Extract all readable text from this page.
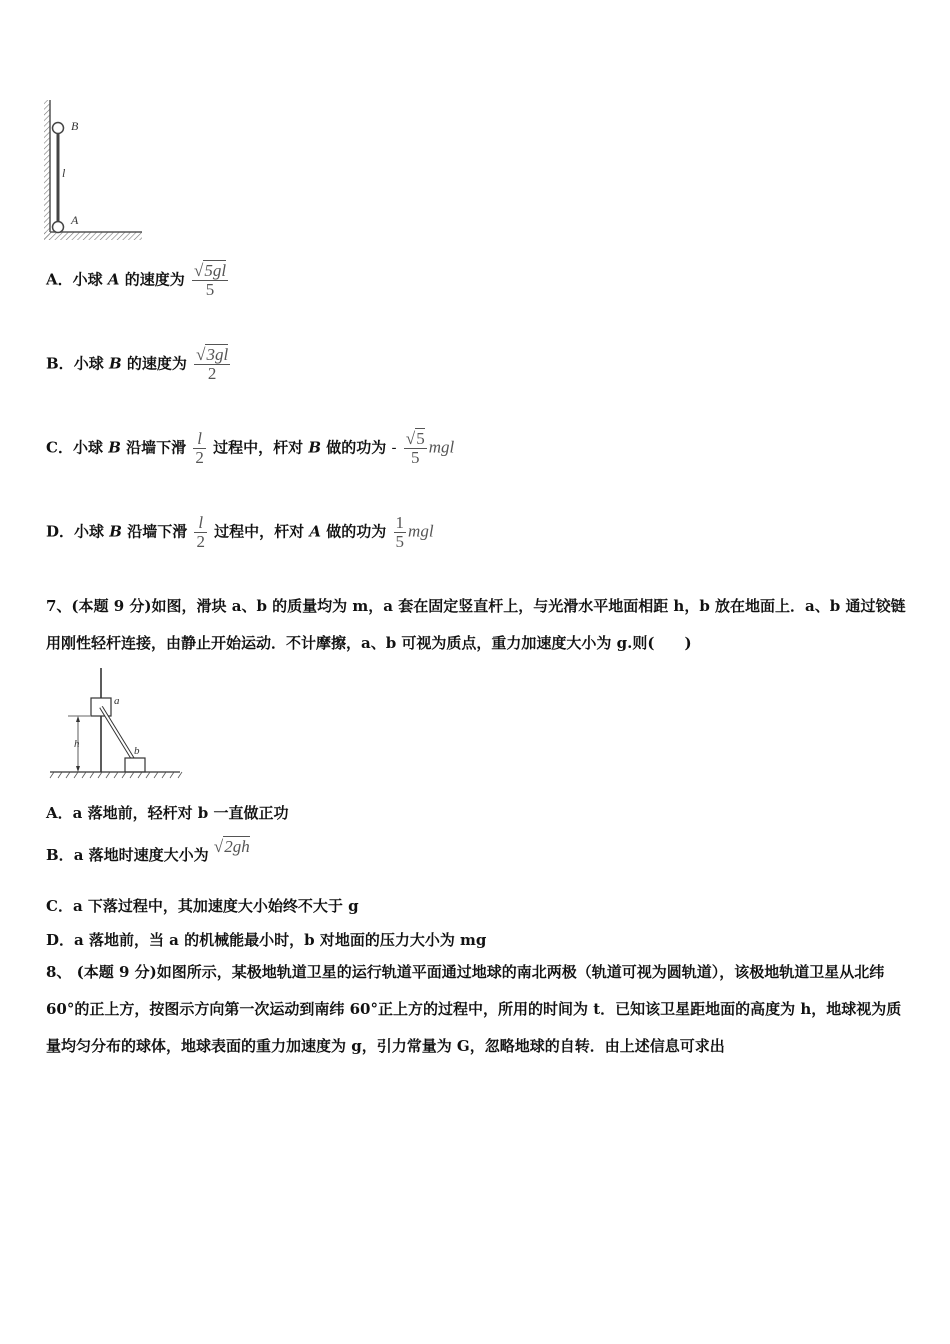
B
l
A
A．小球 A 的速度为 $\frac{√5gl}{5}$
B．小球 B 的速度为 $\frac{√3gl}{2}$
C．小球 B 沿墙下滑 $\frac{l}{2}$ 过程中，杆对 B 做的功为 - $\frac{√5}{5}$ mgl
D．小球 B 沿墙下滑 $\frac{l}{2}$ 过程中，杆对 A 做的功为 $\frac{1}{5}$ mgl
7、(本题 9 分)如图，滑块 a、b 的质量均为 m，a 套在固定竖直杆上，与光滑水平地面相距 h，b 放在地面上．a、b 通过铰链用刚性轻杆连接，由静止开始运动．不计摩擦，a、b 可视为质点，重力加速度大小为 g.则(　　)
a
b
h
A．a 落地前，轻杆对 b 一直做正功
B．a 落地时速度大小为 √2gh
C．a 下落过程中，其加速度大小始终不大于 g
D．a 落地前，当 a 的机械能最小时，b 对地面的压力大小为 mg
8、 (本题 9 分)如图所示，某极地轨道卫星的运行轨道平面通过地球的南北两极（轨道可视为圆轨道），该极地轨道卫星从北纬 60°的正上方，按图示方向第一次运动到南纬 60°正上方的过程中，所用的时间为 t．已知该卫星距地面的高度为 h，地球视为质量均匀分布的球体，地球表面的重力加速度为 g，引力常量为 G，忽略地球的自转．由上述信息可求出
